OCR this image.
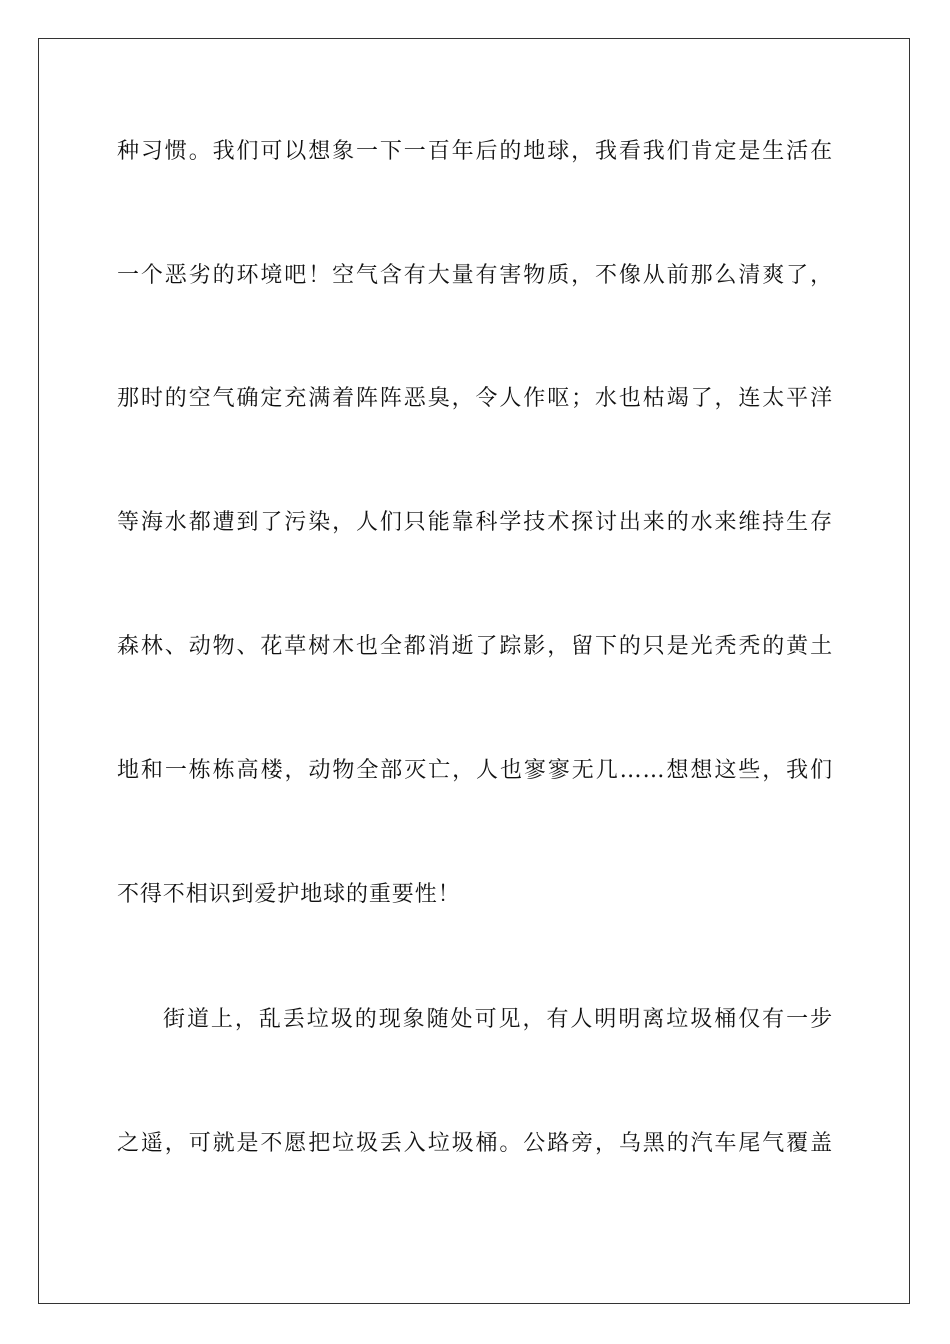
种习惯。我们可以想象一下一百年后的地球，我看我们肯定是生活在
一个恶劣的环境吧！空气含有大量有害物质，不像从前那么清爽了，
那时的空气确定充满着阵阵恶臭，令人作呕；水也枯竭了，连太平洋
等海水都遭到了污染，人们只能靠科学技术探讨出来的水来维持生存
森林、动物、花草树木也全都消逝了踪影，留下的只是光秃秃的黄土
地和一栋栋高楼，动物全部灭亡，人也寥寥无几……想想这些，我们
不得不相识到爱护地球的重要性！
街道上，乱丢垃圾的现象随处可见，有人明明离垃圾桶仅有一步
之遥，可就是不愿把垃圾丢入垃圾桶。公路旁，乌黑的汽车尾气覆盖
